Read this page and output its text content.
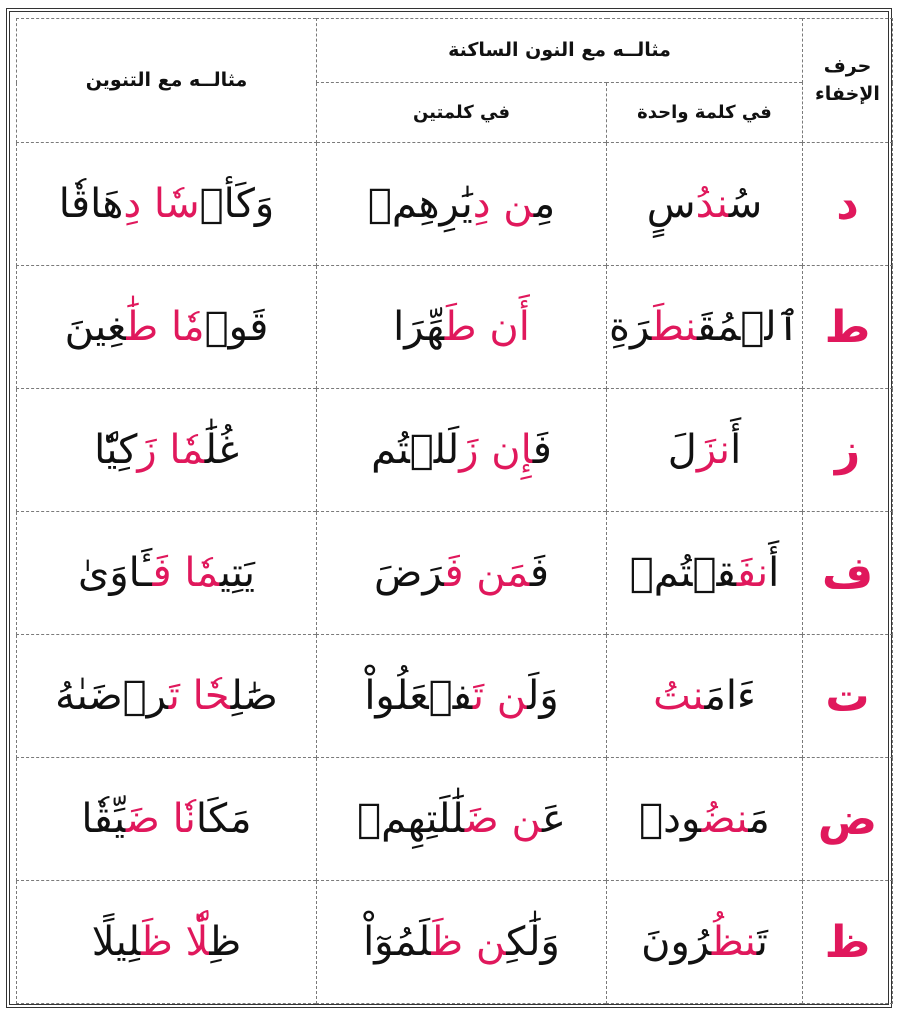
حرف
الإخفاء	مثالــه مع النون الساكنة		مثالــه مع التنوين
	في كلمة واحدة	في كلمتين	
د	سُندُسٍ	مِن دِيَٰرِهِمۡ	وَكَأۡسٗا دِهَاقٗا
ط	ٱلۡمُقَنطَرَةِ	أَن طَهِّرَا	قَوۡمٗا طَٰغِينَ
ز	أَنزَلَ	فَإِن زَلَلۡتُم	غُلَٰمٗا زَكِيّٗا
ف	أَنفَقۡتُمۡ	فَمَن فَرَضَ	يَتِيمٗا فَـَٔاوَىٰ
ت	ءَامَنتُ	وَلَن تَفۡعَلُواْ	صَٰلِحٗا تَرۡضَىٰهُ
ض	مَنضُودٖ	عَن ضَلَٰلَتِهِمۡ	مَكَانٗا ضَيِّقٗا
ظ	تَنظُرُونَ	وَلَٰكِن ظَلَمُوٓاْ	ظِلّٗا ظَلِيلًا
